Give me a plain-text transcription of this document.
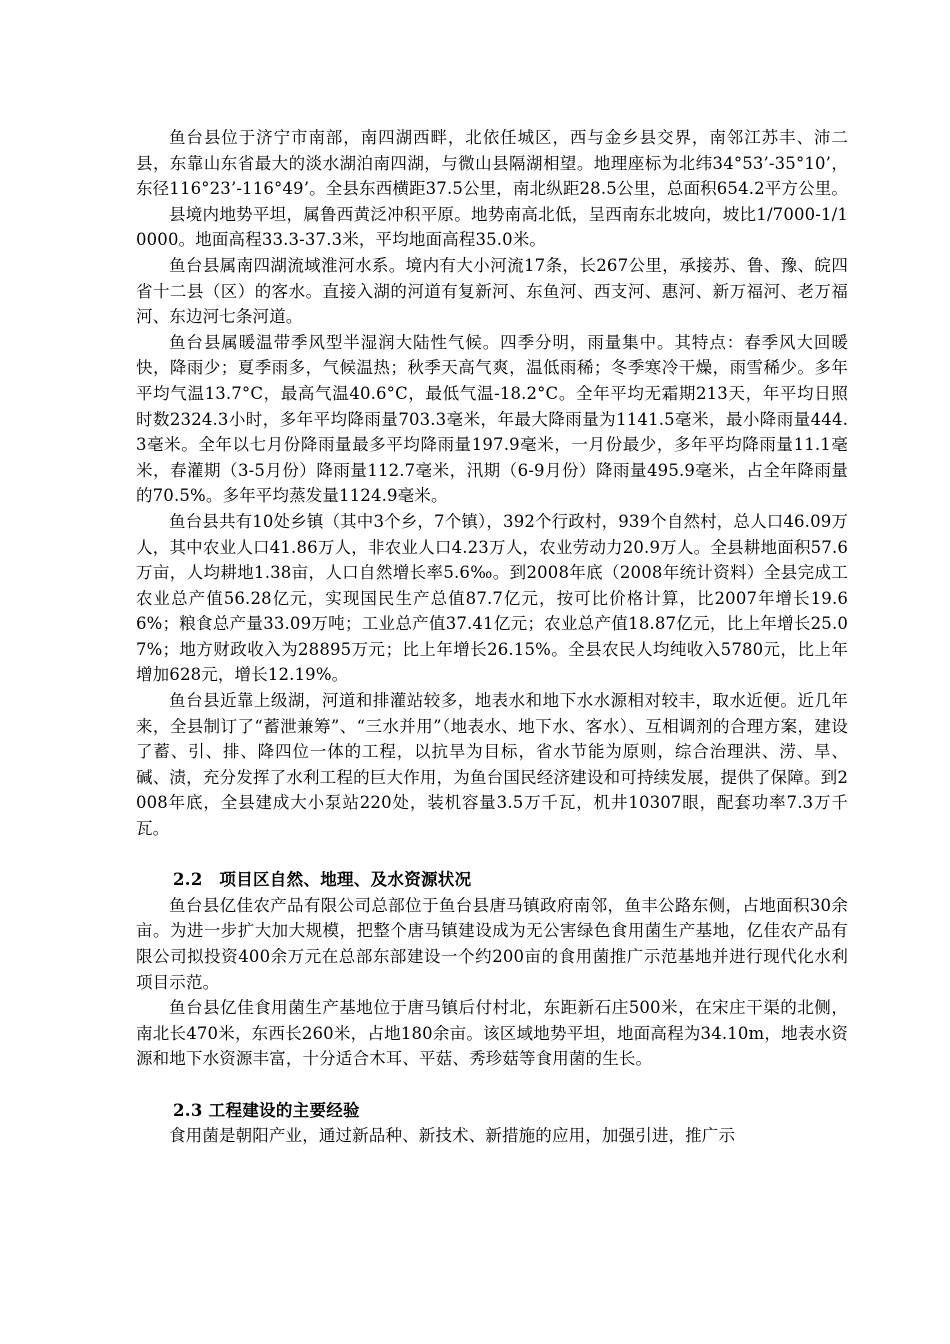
鱼台县位于济宁市南部，南四湖西畔，北依任城区，西与金乡县交界，南邻江苏丰、沛二县，东靠山东省最大的淡水湖泊南四湖，与微山县隔湖相望。地理座标为北纬34°53’-35°10’，东径116°23’-116°49’。全县东西横距37.5公里，南北纵距28.5公里，总面积654.2平方公里。

县境内地势平坦，属鲁西黄泛冲积平原。地势南高北低，呈西南东北坡向，坡比1/7000-1/10000。地面高程33.3-37.3米，平均地面高程35.0米。

鱼台县属南四湖流域淮河水系。境内有大小河流17条，长267公里，承接苏、鲁、豫、皖四省十二县（区）的客水。直接入湖的河道有复新河、东鱼河、西支河、惠河、新万福河、老万福河、东边河七条河道。

鱼台县属暖温带季风型半湿润大陆性气候。四季分明，雨量集中。其特点：春季风大回暖快，降雨少；夏季雨多，气候温热；秋季天高气爽，温低雨稀；冬季寒冷干燥，雨雪稀少。多年平均气温13.7°C，最高气温40.6°C，最低气温-18.2°C。全年平均无霜期213天，年平均日照时数2324.3小时，多年平均降雨量703.3毫米，年最大降雨量为1141.5毫米，最小降雨量444.3毫米。全年以七月份降雨量最多平均降雨量197.9毫米，一月份最少，多年平均降雨量11.1毫米，春灌期（3-5月份）降雨量112.7毫米，汛期（6-9月份）降雨量495.9毫米，占全年降雨量的70.5%。多年平均蒸发量1124.9毫米。

鱼台县共有10处乡镇（其中3个乡，7个镇），392个行政村，939个自然村，总人口46.09万人，其中农业人口41.86万人，非农业人口4.23万人，农业劳动力20.9万人。全县耕地面积57.6万亩，人均耕地1.38亩，人口自然增长率5.6‰。到2008年底（2008年统计资料）全县完成工农业总产值56.28亿元，实现国民生产总值87.7亿元，按可比价格计算，比2007年增长19.66%；粮食总产量33.09万吨；工业总产值37.41亿元；农业总产值18.87亿元，比上年增长25.07%；地方财政收入为28895万元；比上年增长26.15%。全县农民人均纯收入5780元，比上年增加628元，增长12.19%。

鱼台县近靠上级湖，河道和排灌站较多，地表水和地下水水源相对较丰，取水近便。近几年来，全县制订了“蓄泄兼筹”、“三水并用”（地表水、地下水、客水）、互相调剂的合理方案，建设了蓄、引、排、降四位一体的工程，以抗旱为目标，省水节能为原则，综合治理洪、涝、旱、碱、渍，充分发挥了水利工程的巨大作用，为鱼台国民经济建设和可持续发展，提供了保障。到2008年底，全县建成大小泵站220处，装机容量3.5万千瓦，机井10307眼，配套功率7.3万千瓦。

2.2　项目区自然、地理、及水资源状况

鱼台县亿佳农产品有限公司总部位于鱼台县唐马镇政府南邻，鱼丰公路东侧，占地面积30余亩。为进一步扩大加大规模，把整个唐马镇建设成为无公害绿色食用菌生产基地，亿佳农产品有限公司拟投资400余万元在总部东部建设一个约200亩的食用菌推广示范基地并进行现代化水利项目示范。

鱼台县亿佳食用菌生产基地位于唐马镇后付村北，东距新石庄500米，在宋庄干渠的北侧，南北长470米，东西长260米，占地180余亩。该区域地势平坦，地面高程为34.10m，地表水资源和地下水资源丰富，十分适合木耳、平菇、秀珍菇等食用菌的生长。

2.3 工程建设的主要经验

食用菌是朝阳产业，通过新品种、新技术、新措施的应用，加强引进，推广示
